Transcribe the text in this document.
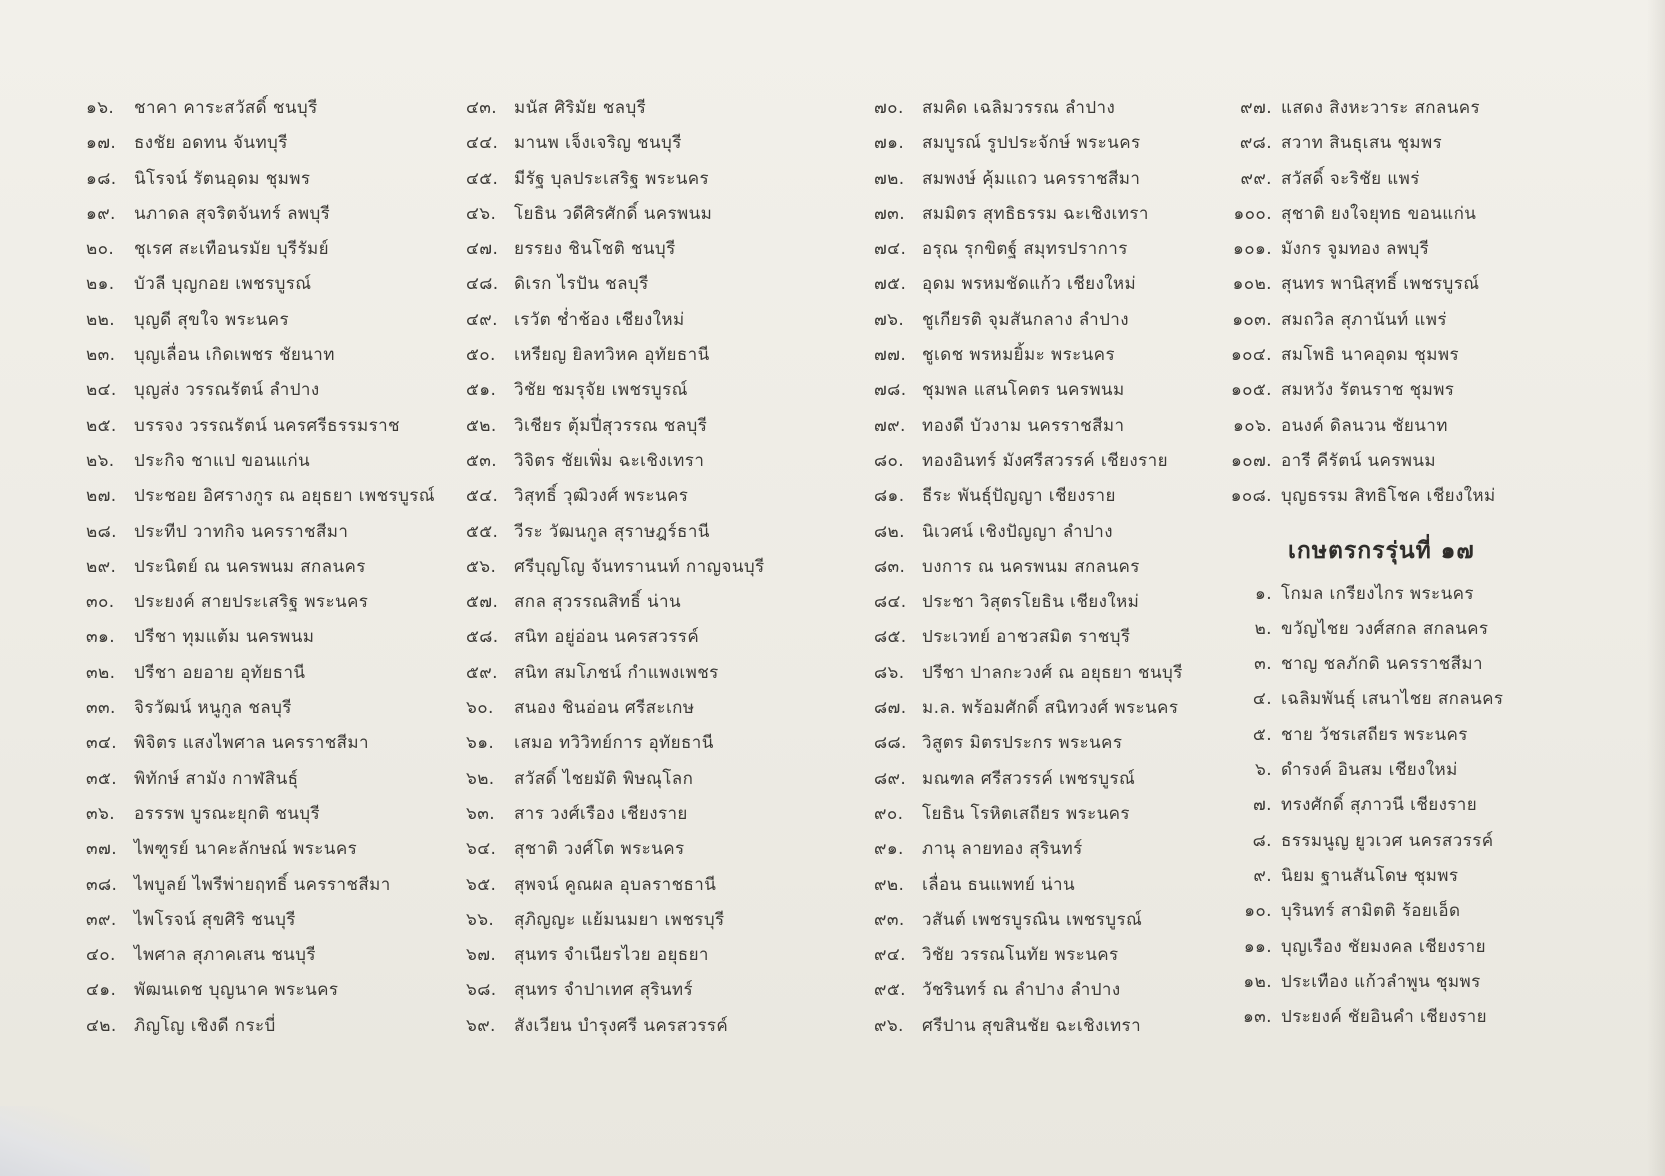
๑๖. ชาคา คาระสวัสดิ์ ชนบุรี
๑๗. ธงชัย อดทน จันทบุรี
๑๘. นิโรจน์ รัตนอุดม ชุมพร
๑๙. นภาดล สุจริตจันทร์ ลพบุรี
๒๐. ชุเรศ สะเทือนรมัย บุรีรัมย์
๒๑. บัวลี บุญกอย เพชรบูรณ์
๒๒. บุญดี สุขใจ พระนคร
๒๓. บุญเลื่อน เกิดเพชร ชัยนาท
๒๔. บุญส่ง วรรณรัตน์ ลำปาง
๒๕. บรรจง วรรณรัตน์ นครศรีธรรมราช
๒๖. ประกิจ ชาแป ขอนแก่น
๒๗. ประชอย อิศรางกูร ณ อยุธยา เพชรบูรณ์
๒๘. ประทีป วาทกิจ นครราชสีมา
๒๙. ประนิตย์ ณ นครพนม สกลนคร
๓๐. ประยงค์ สายประเสริฐ พระนคร
๓๑. ปรีชา ทุมแต้ม นครพนม
๓๒. ปรีชา อยอาย อุทัยธานี
๓๓. จิรวัฒน์ หนูกูล ชลบุรี
๓๔. พิจิตร แสงไพศาล นครราชสีมา
๓๕. พิทักษ์ สามัง กาฬสินธุ์
๓๖. อรรรพ บูรณะยุกติ ชนบุรี
๓๗. ไพฑูรย์ นาคะลักษณ์ พระนคร
๓๘. ไพบูลย์ ไพรีพ่ายฤทธิ์ นครราชสีมา
๓๙. ไพโรจน์ สุขศิริ ชนบุรี
๔๐. ไพศาล สุภาคเสน ชนบุรี
๔๑. พัฒนเดช บุญนาค พระนคร
๔๒. ภิญโญ เชิงดี กระบี่
๔๓. มนัส ศิริมัย ชลบุรี
๔๔. มานพ เจ็งเจริญ ชนบุรี
๔๕. มีรัฐ บุลประเสริฐ พระนคร
๔๖. โยธิน วดีศิรศักดิ์ นครพนม
๔๗. ยรรยง ชินโชติ ชนบุรี
๔๘. ดิเรก ไรปัน ชลบุรี
๔๙. เรวัต ช่ำช้อง เชียงใหม่
๕๐. เหรียญ ยิลทวิหค อุทัยธานี
๕๑. วิชัย ชมรุจัย เพชรบูรณ์
๕๒. วิเชียร ตุ้มปี่สุวรรณ ชลบุรี
๕๓. วิจิตร ชัยเพิ่ม ฉะเชิงเทรา
๕๔. วิสุทธิ์ วุฒิวงศ์ พระนคร
๕๕. วีระ วัฒนกูล สุราษฎร์ธานี
๕๖. ศรีบุญโญ จันทรานนท์ กาญจนบุรี
๕๗. สกล สุวรรณสิทธิ์ น่าน
๕๘. สนิท อยู่อ่อน นครสวรรค์
๕๙. สนิท สมโภชน์ กำแพงเพชร
๖๐. สนอง ชินอ่อน ศรีสะเกษ
๖๑. เสมอ ทวิวิทย์การ อุทัยธานี
๖๒. สวัสดิ์ ไชยมัติ พิษณุโลก
๖๓. สาร วงศ์เรือง เชียงราย
๖๔. สุชาติ วงศ์โต พระนคร
๖๕. สุพจน์ คูณผล อุบลราชธานี
๖๖. สุภิญญะ แย้มนมยา เพชรบุรี
๖๗. สุนทร จำเนียรไวย อยุธยา
๖๘. สุนทร จำปาเทศ สุรินทร์
๖๙. สังเวียน บำรุงศรี นครสวรรค์
๗๐. สมคิด เฉลิมวรรณ ลำปาง
๗๑. สมบูรณ์ รูปประจักษ์ พระนคร
๗๒. สมพงษ์ คุ้มแถว นครราชสีมา
๗๓. สมมิตร สุทธิธรรม ฉะเชิงเทรา
๗๔. อรุณ รุกขิตฐ์ สมุทรปราการ
๗๕. อุดม พรหมชัดแก้ว เชียงใหม่
๗๖. ชูเกียรติ จุมสันกลาง ลำปาง
๗๗. ชูเดช พรหมยิ้มะ พระนคร
๗๘. ชุมพล แสนโคตร นครพนม
๗๙. ทองดี บัวงาม นครราชสีมา
๘๐. ทองอินทร์ มังศรีสวรรค์ เชียงราย
๘๑. ธีระ พันธุ์ปัญญา เชียงราย
๘๒. นิเวศน์ เชิงปัญญา ลำปาง
๘๓. บงการ ณ นครพนม สกลนคร
๘๔. ประชา วิสุตรโยธิน เชียงใหม่
๘๕. ประเวทย์ อาชวสมิต ราชบุรี
๘๖. ปรีชา ปาลกะวงศ์ ณ อยุธยา ชนบุรี
๘๗. ม.ล. พร้อมศักดิ์ สนิทวงศ์ พระนคร
๘๘. วิสูตร มิตรประกร พระนคร
๘๙. มณฑล ศรีสวรรค์ เพชรบูรณ์
๙๐. โยธิน โรหิตเสถียร พระนคร
๙๑. ภานุ ลายทอง สุรินทร์
๙๒. เลื่อน ธนแพทย์ น่าน
๙๓. วสันต์ เพชรบูรณิน เพชรบูรณ์
๙๔. วิชัย วรรณโนทัย พระนคร
๙๕. วัชรินทร์ ณ ลำปาง ลำปาง
๙๖. ศรีปาน สุขสินชัย ฉะเชิงเทรา
๙๗. แสดง สิงหะวาระ สกลนคร
๙๘. สวาท สินธุเสน ชุมพร
๙๙. สวัสดิ์ จะริชัย แพร่
๑๐๐. สุชาติ ยงใจยุทธ ขอนแก่น
๑๐๑. มังกร จูมทอง ลพบุรี
๑๐๒. สุนทร พานิสุทธิ์ เพชรบูรณ์
๑๐๓. สมถวิล สุภานันท์ แพร่
๑๐๔. สมโพธิ นาคอุดม ชุมพร
๑๐๕. สมหวัง รัตนราช ชุมพร
๑๐๖. อนงค์ ดิลนวน ชัยนาท
๑๐๗. อารี คีรัตน์ นครพนม
๑๐๘. บุญธรรม สิทธิโชค เชียงใหม่
เกษตรกรรุ่นที่ ๑๗
๑. โกมล เกรียงไกร พระนคร
๒. ขวัญไชย วงศ์สกล สกลนคร
๓. ชาญ ชลภักดิ นครราชสีมา
๔. เฉลิมพันธุ์ เสนาไชย สกลนคร
๕. ชาย วัชรเสถียร พระนคร
๖. ดำรงค์ อินสม เชียงใหม่
๗. ทรงศักดิ์ สุภาวนี เชียงราย
๘. ธรรมนูญ ยูวเวศ นครสวรรค์
๙. นิยม ฐานสันโดษ ชุมพร
๑๐. บุรินทร์ สามิตติ ร้อยเอ็ด
๑๑. บุญเรือง ชัยมงคล เชียงราย
๑๒. ประเทือง แก้วลำพูน ชุมพร
๑๓. ประยงค์ ชัยอินคำ เชียงราย
